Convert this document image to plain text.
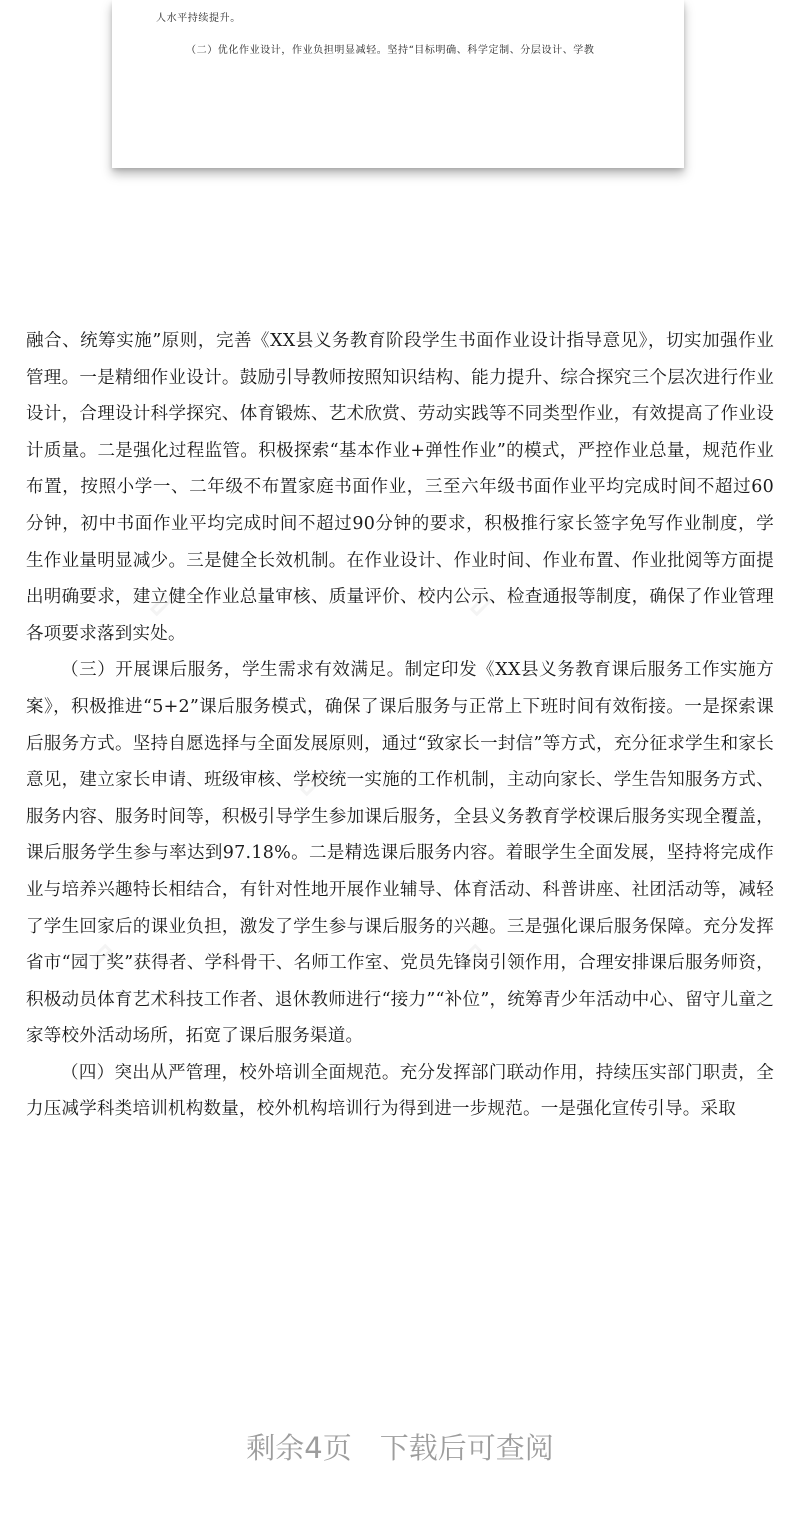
人水平持续提升。
（二）优化作业设计，作业负担明显减轻。坚持“目标明确、科学定制、分层设计、学教

融合、统筹实施”原则，完善《XX县义务教育阶段学生书面作业设计指导意见》，切实加强作业管理。一是精细作业设计。鼓励引导教师按照知识结构、能力提升、综合探究三个层次进行作业设计，合理设计科学探究、体育锻炼、艺术欣赏、劳动实践等不同类型作业，有效提高了作业设计质量。二是强化过程监管。积极探索“基本作业+弹性作业”的模式，严控作业总量，规范作业布置，按照小学一、二年级不布置家庭书面作业，三至六年级书面作业平均完成时间不超过60分钟，初中书面作业平均完成时间不超过90分钟的要求，积极推行家长签字免写作业制度，学生作业量明显减少。三是健全长效机制。在作业设计、作业时间、作业布置、作业批阅等方面提出明确要求，建立健全作业总量审核、质量评价、校内公示、检查通报等制度，确保了作业管理各项要求落到实处。

（三）开展课后服务，学生需求有效满足。制定印发《XX县义务教育课后服务工作实施方案》，积极推进“5+2”课后服务模式，确保了课后服务与正常上下班时间有效衔接。一是探索课后服务方式。坚持自愿选择与全面发展原则，通过“致家长一封信”等方式，充分征求学生和家长意见，建立家长申请、班级审核、学校统一实施的工作机制，主动向家长、学生告知服务方式、服务内容、服务时间等，积极引导学生参加课后服务，全县义务教育学校课后服务实现全覆盖，课后服务学生参与率达到97.18%。二是精选课后服务内容。着眼学生全面发展，坚持将完成作业与培养兴趣特长相结合，有针对性地开展作业辅导、体育活动、科普讲座、社团活动等，减轻了学生回家后的课业负担，激发了学生参与课后服务的兴趣。三是强化课后服务保障。充分发挥省市“园丁奖”获得者、学科骨干、名师工作室、党员先锋岗引领作用，合理安排课后服务师资，积极动员体育艺术科技工作者、退休教师进行“接力”“补位”，统筹青少年活动中心、留守儿童之家等校外活动场所，拓宽了课后服务渠道。

（四）突出从严管理，校外培训全面规范。充分发挥部门联动作用，持续压实部门职责，全力压减学科类培训机构数量，校外机构培训行为得到进一步规范。一是强化宣传引导。采取

剩余4页 下载后可查阅
